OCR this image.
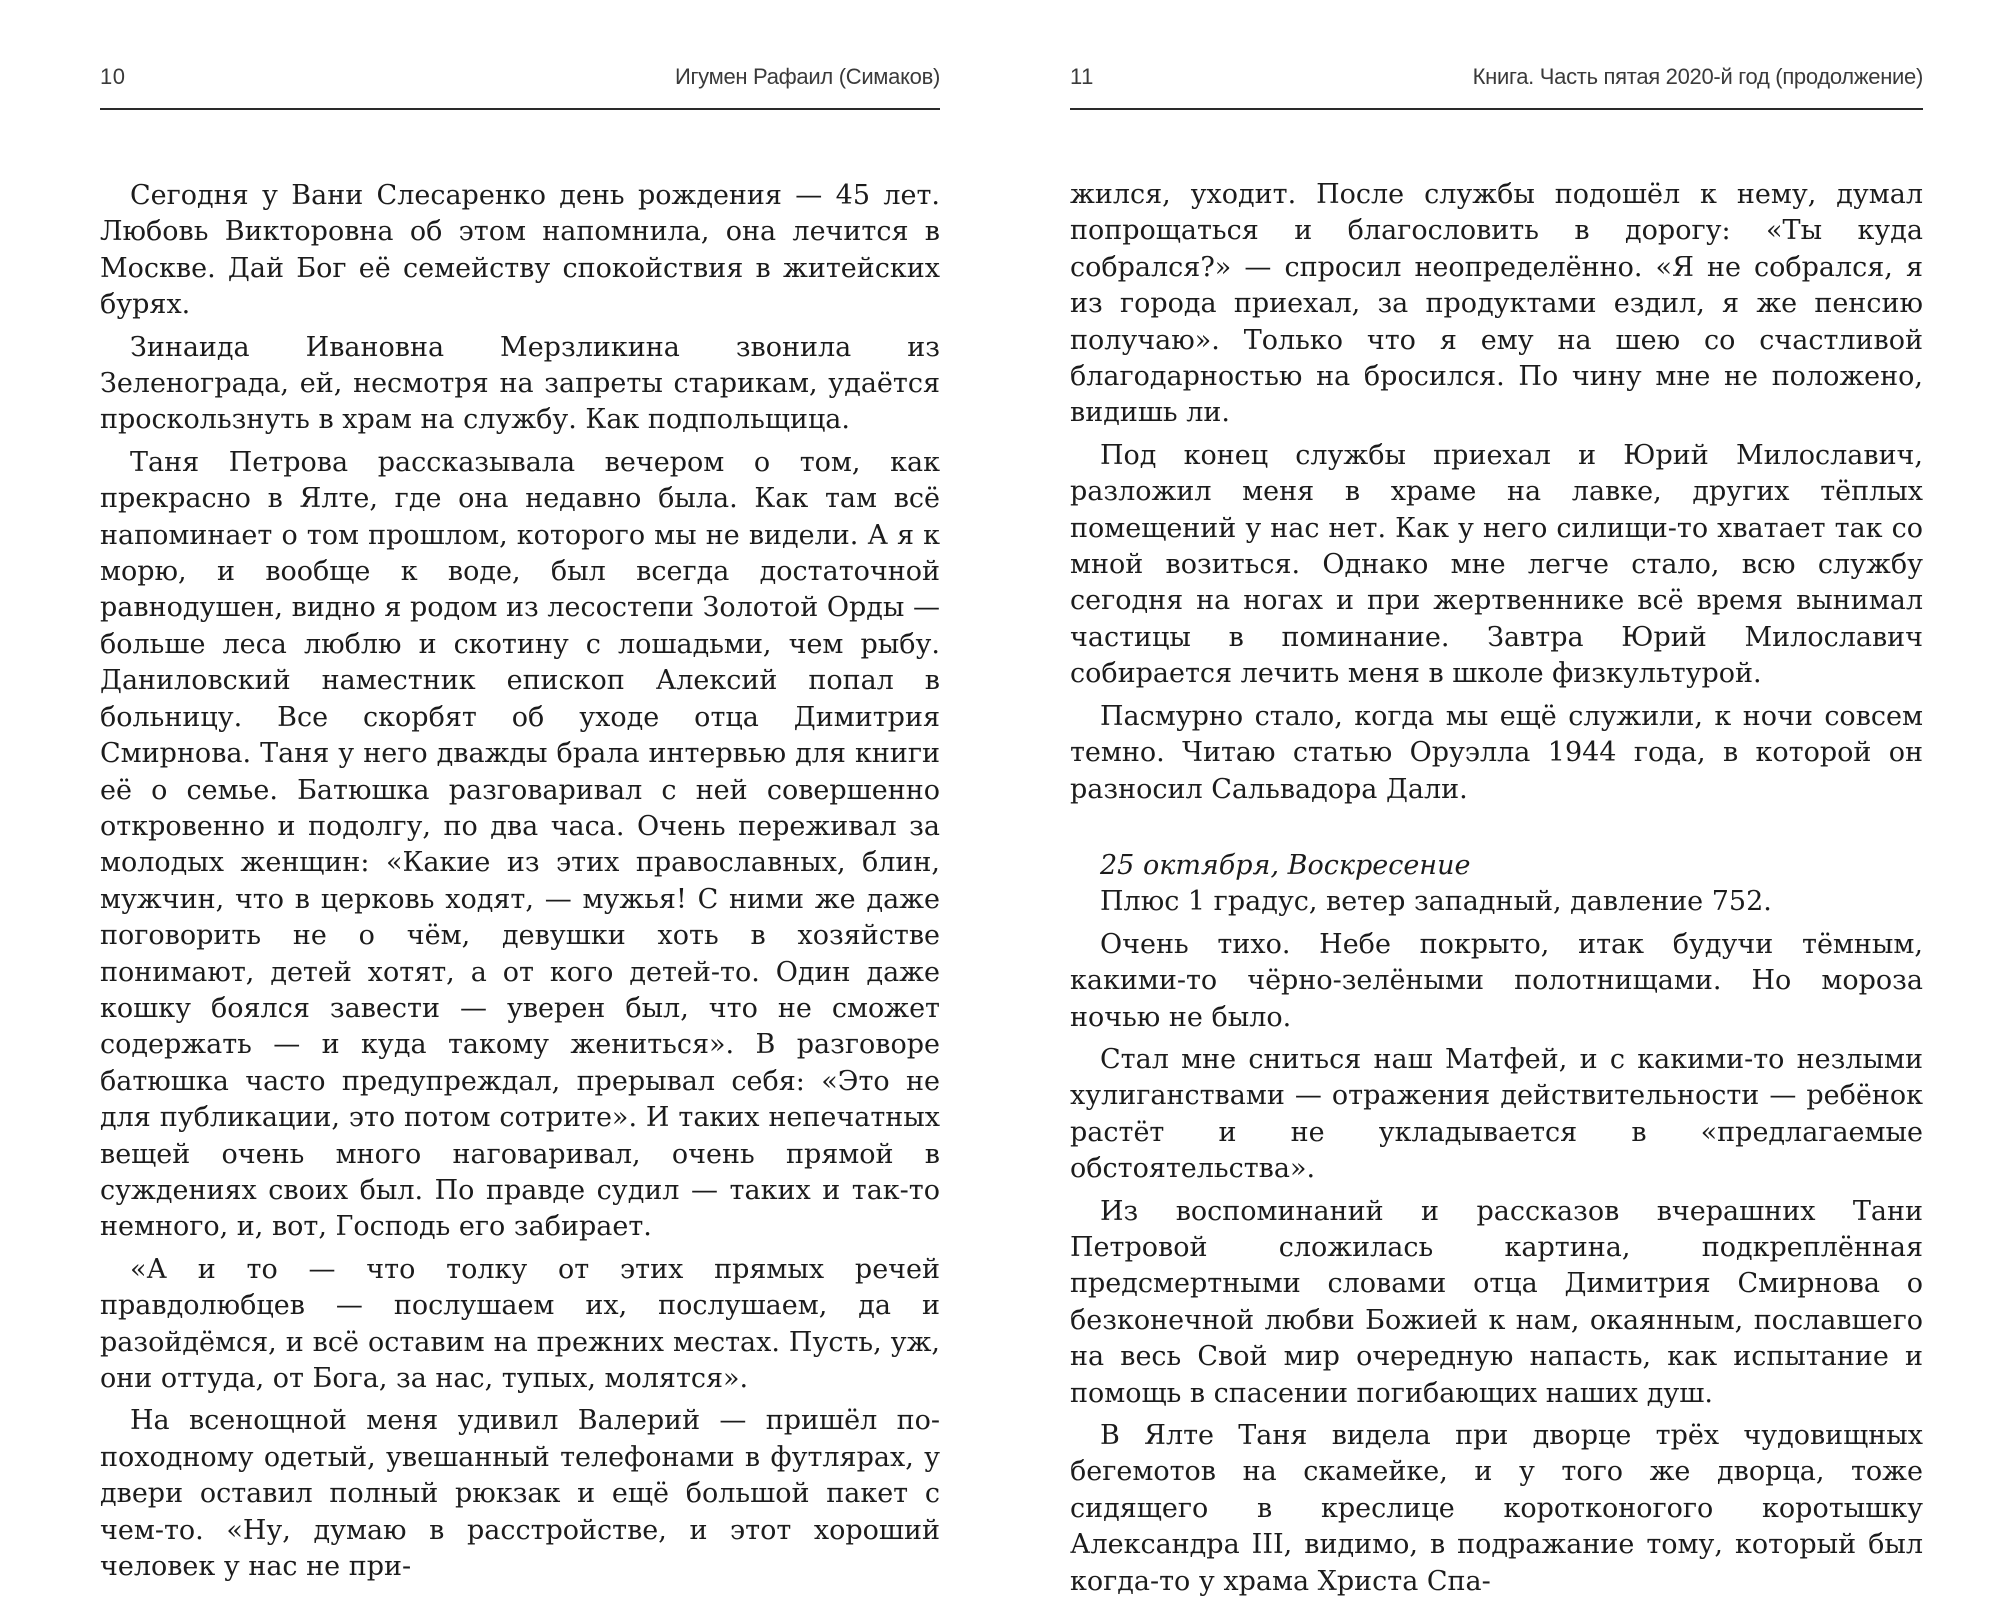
10	Игумен Рафаил (Симаков)

Сегодня у Вани Слесаренко день рождения — 45 лет. Любовь Викторовна об этом напомнила, она лечится в Москве. Дай Бог её семейству спокойствия в житейских бурях.

Зинаида Ивановна Мерзликина звонила из Зеленограда, ей, несмотря на запреты старикам, удаётся проскользнуть в храм на службу. Как подпольщица.

Таня Петрова рассказывала вечером о том, как прекрасно в Ялте, где она недавно была. Как там всё напоминает о том прошлом, которого мы не видели. А я к морю, и вообще к воде, был всегда достаточной равнодушен, видно я родом из лесостепи Золотой Орды — больше леса люблю и скотину с лошадьми, чем рыбу. Даниловский наместник епископ Алексий попал в больницу. Все скорбят об уходе отца Димитрия Смирнова. Таня у него дважды брала интервью для книги её о семье. Батюшка разговаривал с ней совершенно откровенно и подолгу, по два часа. Очень переживал за молодых женщин: «Какие из этих православных, блин, мужчин, что в церковь ходят, — мужья! С ними же даже поговорить не о чём, девушки хоть в хозяйстве понимают, детей хотят, а от кого детей-то. Один даже кошку боялся завести — уверен был, что не сможет содержать — и куда такому жениться». В разговоре батюшка часто предупреждал, прерывал себя: «Это не для публикации, это потом сотрите». И таких непечатных вещей очень много наговаривал, очень прямой в суждениях своих был. По правде судил — таких и так-то немного, и, вот, Господь его забирает.

«А и то — что толку от этих прямых речей правдолюбцев — послушаем их, послушаем, да и разойдёмся, и всё оставим на прежних местах. Пусть, уж, они оттуда, от Бога, за нас, тупых, молятся».

На всенощной меня удивил Валерий — пришёл по-походному одетый, увешанный телефонами в футлярах, у двери оставил полный рюкзак и ещё большой пакет с чем-то. «Ну, думаю в расстройстве, и этот хороший человек у нас не при-

11	Книга. Часть пятая 2020-й год (продолжение)

жился, уходит. После службы подошёл к нему, думал попрощаться и благословить в дорогу: «Ты куда собрался?» — спросил неопределённо. «Я не собрался, я из города приехал, за продуктами ездил, я же пенсию получаю». Только что я ему на шею со счастливой благодарностью на бросился. По чину мне не положено, видишь ли.

Под конец службы приехал и Юрий Милославич, разложил меня в храме на лавке, других тёплых помещений у нас нет. Как у него силищи-то хватает так со мной возиться. Однако мне легче стало, всю службу сегодня на ногах и при жертвеннике всё время вынимал частицы в поминание. Завтра Юрий Милославич собирается лечить меня в школе физкультурой.

Пасмурно стало, когда мы ещё служили, к ночи совсем темно. Читаю статью Оруэлла 1944 года, в которой он разносил Сальвадора Дали.

25 октября, Воскресение

Плюс 1 градус, ветер западный, давление 752.

Очень тихо. Небе покрыто, итак будучи тёмным, какими-то чёрно-зелёными полотнищами. Но мороза ночью не было.

Стал мне сниться наш Матфей, и с какими-то незлыми хулиганствами — отражения действительности — ребёнок растёт и не укладывается в «предлагаемые обстоятельства».

Из воспоминаний и рассказов вчерашних Тани Петровой сложилась картина, подкреплённая предсмертными словами отца Димитрия Смирнова о безконечной любви Божией к нам, окаянным, пославшего на весь Свой мир очередную напасть, как испытание и помощь в спасении погибающих наших душ.

В Ялте Таня видела при дворце трёх чудовищных бегемотов на скамейке, и у того же дворца, тоже сидящего в креслице коротконогого коротышку Александра III, видимо, в подражание тому, который был когда-то у храма Христа Спа-
